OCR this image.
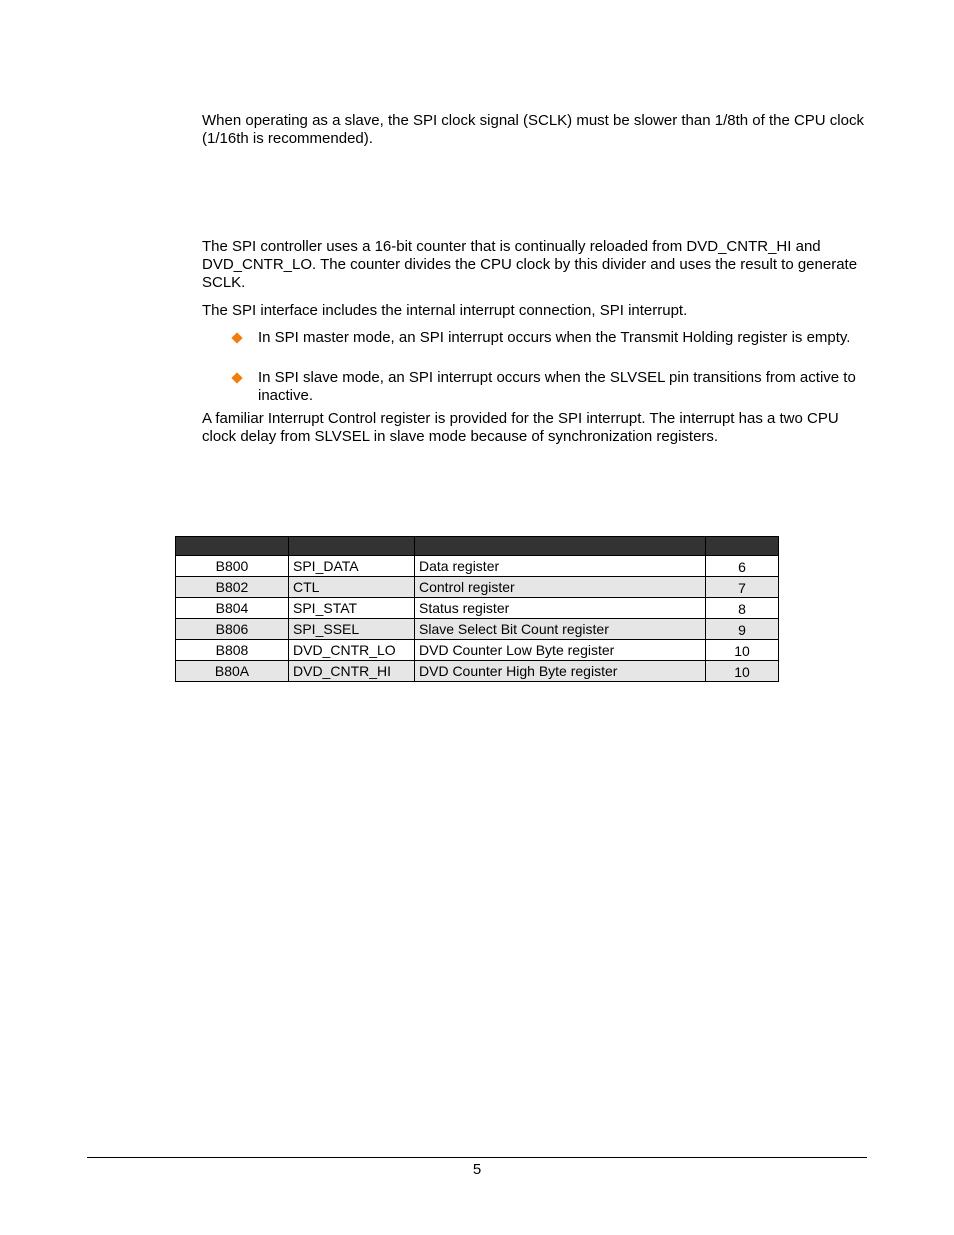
When operating as a slave, the SPI clock signal (SCLK) must be slower than 1/8th of the CPU clock (1/16th is recommended).

The SPI controller uses a 16-bit counter that is continually reloaded from DVD_CNTR_HI and DVD_CNTR_LO. The counter divides the CPU clock by this divider and uses the result to generate SCLK.

The SPI interface includes the internal interrupt connection, SPI interrupt.

In SPI master mode, an SPI interrupt occurs when the Transmit Holding register is empty.
In SPI slave mode, an SPI interrupt occurs when the SLVSEL pin transitions from active to inactive.

A familiar Interrupt Control register is provided for the SPI interrupt. The interrupt has a two CPU clock delay from SLVSEL in slave mode because of synchronization registers.

B800	SPI_DATA	Data register	6
B802	CTL	Control register	7
B804	SPI_STAT	Status register	8
B806	SPI_SSEL	Slave Select Bit Count register	9
B808	DVD_CNTR_LO	DVD Counter Low Byte register	10
B80A	DVD_CNTR_HI	DVD Counter High Byte register	10
5
